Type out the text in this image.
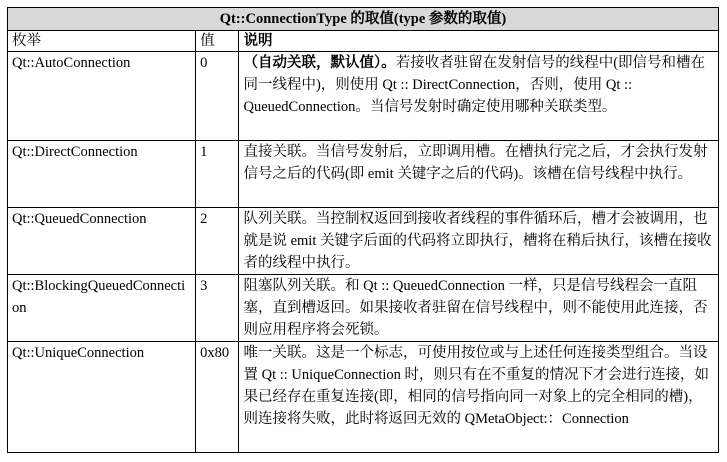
Qt::ConnectionType 的取值(type 参数的取值)		
枚举	值	说明
Qt::AutoConnection	0	（自动关联，默认值）。若接收者驻留在发射信号的线程中(即信号和槽在同一线程中)，则使用 Qt :: DirectConnection，否则，使用 Qt :: QueuedConnection。当信号发射时确定使用哪种关联类型。
Qt::DirectConnection	1	直接关联。当信号发射后，立即调用槽。在槽执行完之后，才会执行发射信号之后的代码(即 emit 关键字之后的代码)。该槽在信号线程中执行。
Qt::QueuedConnection	2	队列关联。当控制权返回到接收者线程的事件循环后，槽才会被调用，也就是说 emit 关键字后面的代码将立即执行，槽将在稍后执行，该槽在接收者的线程中执行。
Qt::BlockingQueuedConnection	3	阻塞队列关联。和 Qt :: QueuedConnection 一样，只是信号线程会一直阻塞，直到槽返回。如果接收者驻留在信号线程中，则不能使用此连接，否则应用程序将会死锁。
Qt::UniqueConnection	0x80	唯一关联。这是一个标志，可使用按位或与上述任何连接类型组合。当设置 Qt :: UniqueConnection 时，则只有在不重复的情况下才会进行连接，如果已经存在重复连接(即，相同的信号指向同一对象上的完全相同的槽)，则连接将失败，此时将返回无效的 QMetaObject:：Connection
